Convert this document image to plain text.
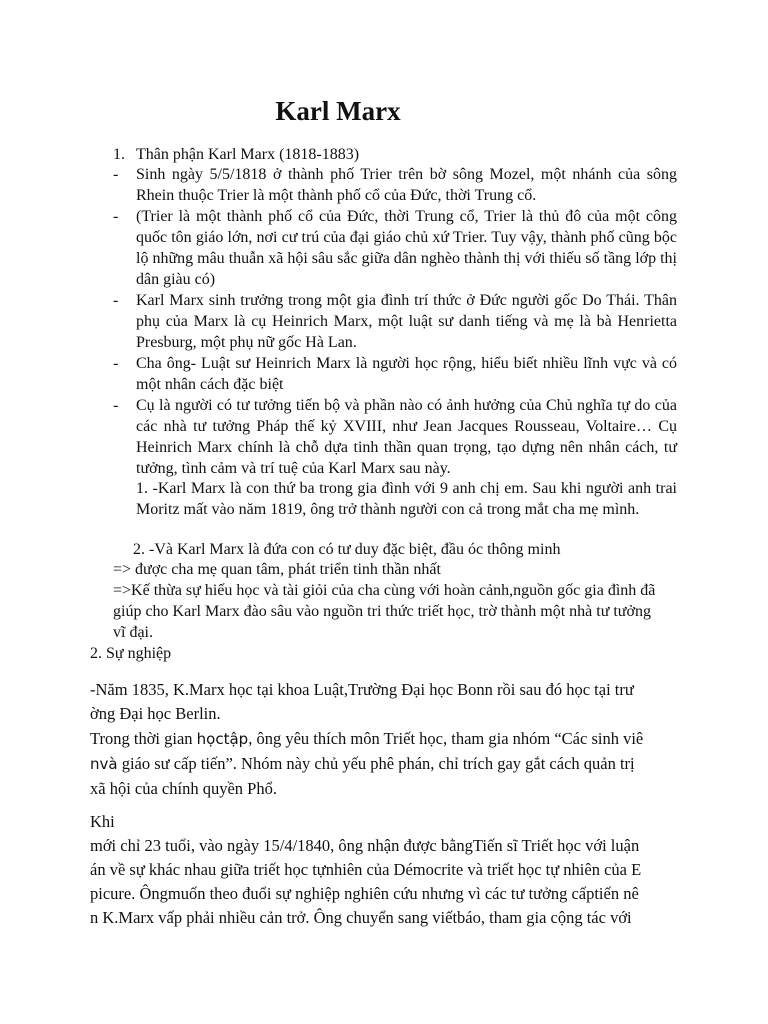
Karl Marx
1. Thân phận Karl Marx (1818-1883)
- Sinh ngày 5/5/1818 ở thành phố Trier trên bờ sông Mozel, một nhánh của sông Rhein thuộc Trier là một thành phố cổ của Đức, thời Trung cổ.

- (Trier là một thành phố cổ của Đức, thời Trung cổ, Trier là thủ đô của một công quốc tôn giáo lớn, nơi cư trú của đại giáo chủ xứ Trier. Tuy vậy, thành phố cũng bộc lộ những mâu thuẫn xã hội sâu sắc giữa dân nghèo thành thị với thiếu số tầng lớp thị dân giàu có)

- Karl Marx sinh trưởng trong một gia đình trí thức ở Đức người gốc Do Thái. Thân phụ của Marx là cụ Heinrich Marx, một luật sư danh tiếng và mẹ là bà Henrietta Presburg, một phụ nữ gốc Hà Lan.

- Cha ông- Luật sư Heinrich Marx là người học rộng, hiểu biết nhiều lĩnh vực và có một nhân cách đặc biệt

- Cụ là người có tư tưởng tiến bộ và phần nào có ảnh hưởng của Chủ nghĩa tự do của các nhà tư tưởng Pháp thế kỷ XVIII, như Jean Jacques Rousseau, Voltaire… Cụ Heinrich Marx chính là chỗ dựa tinh thần quan trọng, tạo dựng nên nhân cách, tư tưởng, tình cảm và trí tuệ của Karl Marx sau này.

1. -Karl Marx là con thứ ba trong gia đình với 9 anh chị em. Sau khi người anh trai Moritz mất vào năm 1819, ông trở thành người con cả trong mắt cha mẹ mình.

2. -Và Karl Marx là đứa con có tư duy đặc biệt, đầu óc thông minh
=> được cha mẹ quan tâm, phát triển tinh thần nhất
=>Kế thừa sự hiếu học và tài giỏi của cha cùng với hoàn cảnh,nguồn gốc gia đình đã
giúp cho Karl Marx đào sâu vào nguồn tri thức triết học, trờ thành một nhà tư tưởng
vĩ đại.
2. Sự nghiệp
-Năm 1835, K.Marx học tại khoa Luật,Trường Đại học Bonn rồi sau đó học tại trư
ờng Đại học Berlin.
Trong thời gian họctập, ông yêu thích môn Triết học, tham gia nhóm “Các sinh viê
nvà giáo sư cấp tiến”. Nhóm này chủ yếu phê phán, chỉ trích gay gắt cách quản trị
xã hội của chính quyền Phổ.
Khi
mới chỉ 23 tuổi, vào ngày 15/4/1840, ông nhận được bằngTiến sĩ Triết học với luận
án về sự khác nhau giữa triết học tựnhiên của Démocrite và triết học tự nhiên của E
picure. Ôngmuốn theo đuổi sự nghiệp nghiên cứu nhưng vì các tư tưởng cấptiến nê
n K.Marx vấp phải nhiều cản trở. Ông chuyển sang viếtbáo, tham gia cộng tác với
